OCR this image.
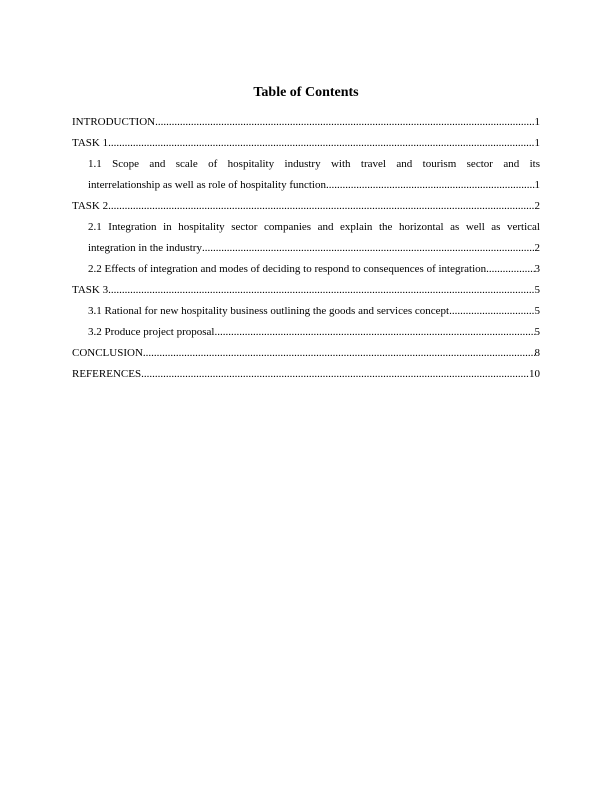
Table of Contents
INTRODUCTION .....	1
TASK 1 .....	1
1.1 Scope and scale of hospitality industry with travel and tourism sector and its
interrelationship as well as role of hospitality function .....	1
TASK 2 .....	2
2.1 Integration in hospitality sector companies and explain the horizontal as well as vertical
integration in the industry .....	2
2.2 Effects of integration and modes of deciding to respond to consequences of integration .....	3
TASK 3 .....	5
3.1 Rational for new hospitality business outlining the goods and services concept .....	5
3.2 Produce project proposal .....	5
CONCLUSION .....	8
REFERENCES .....	10
